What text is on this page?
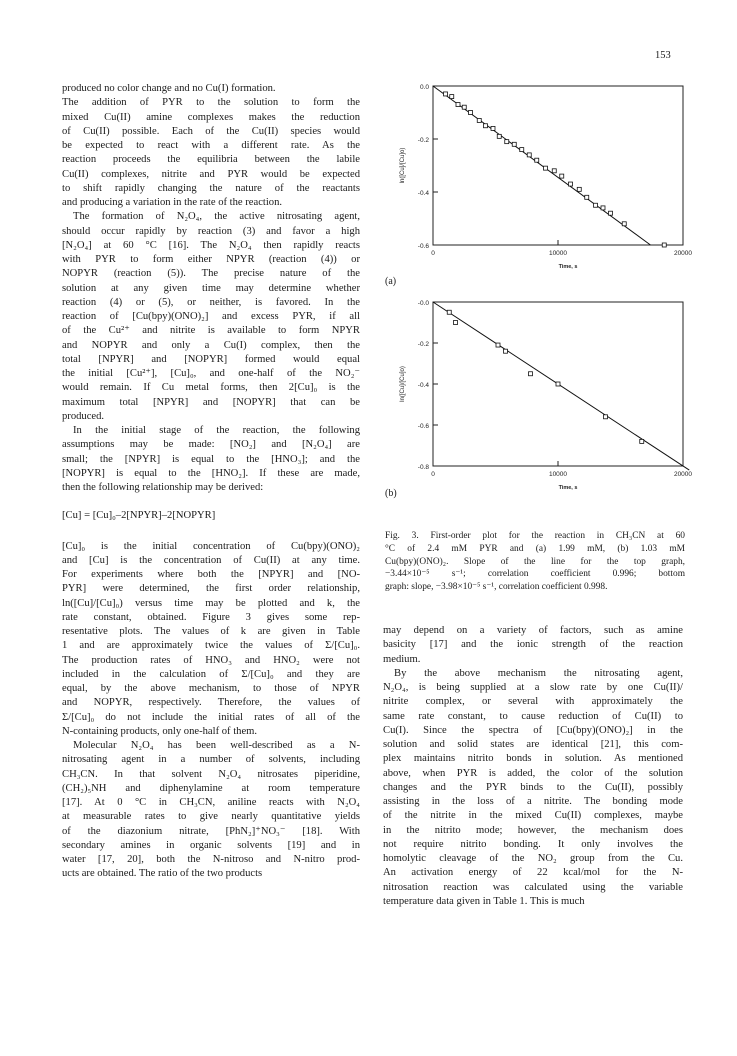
153

produced no color change and no Cu(I) formation.

The addition of PYR to the solution to form the

mixed Cu(II) amine complexes makes the reduction

of Cu(II) possible. Each of the Cu(II) species would

be expected to react with a different rate. As the

reaction proceeds the equilibria between the labile

Cu(II) complexes, nitrite and PYR would be expected

to shift rapidly changing the nature of the reactants

and producing a variation in the rate of the reaction.

The formation of N₂O₄, the active nitrosating agent,

should occur rapidly by reaction (3) and favor a high

[N₂O₄] at 60 °C [16]. The N₂O₄ then rapidly reacts

with PYR to form either NPYR (reaction (4)) or

NOPYR (reaction (5)). The precise nature of the

solution at any given time may determine whether

reaction (4) or (5), or neither, is favored. In the

reaction of [Cu(bpy)(ONO)₂] and excess PYR, if all

of the Cu²⁺ and nitrite is available to form NPYR

and NOPYR and only a Cu(I) complex, then the

total [NPYR] and [NOPYR] formed would equal

the initial [Cu²⁺], [Cu]₀, and one-half of the NO₂⁻

would remain. If Cu metal forms, then 2[Cu]₀ is the

maximum total [NPYR] and [NOPYR] that can be

produced.

In the initial stage of the reaction, the following

assumptions may be made: [NO₂] and [N₂O₄] are

small; the [NPYR] is equal to the [HNO₃]; and the

[NOPYR] is equal to the [HNO₂]. If these are made,

then the following relationship may be derived:

[Cu] = [Cu]₀–2[NPYR]–2[NOPYR]

[Cu]₀ is the initial concentration of Cu(bpy)(ONO)₂

and [Cu] is the concentration of Cu(II) at any time.

For experiments where both the [NPYR] and [NO-

PYR] were determined, the first order relationship,

ln([Cu]/[Cu]₀) versus time may be plotted and k, the

rate constant, obtained. Figure 3 gives some rep-

resentative plots. The values of k are given in Table

1 and are approximately twice the values of Σ/[Cu]₀.

The production rates of HNO₃ and HNO₂ were not

included in the calculation of Σ/[Cu]₀ and they are

equal, by the above mechanism, to those of NPYR

and NOPYR, respectively. Therefore, the values of

Σ/[Cu]₀ do not include the initial rates of all of the

N-containing products, only one-half of them.

Molecular N₂O₄ has been well-described as a N-

nitrosating agent in a number of solvents, including

CH₃CN. In that solvent N₂O₄ nitrosates piperidine,

(CH₂)₅NH and diphenylamine at room temperature

[17]. At 0 °C in CH₃CN, aniline reacts with N₂O₄

at measurable rates to give nearly quantitative yields

of the diazonium nitrate, [PhN₂]⁺NO₃⁻ [18]. With

secondary amines in organic solvents [19] and in

water [17, 20], both the N-nitroso and N-nitro prod-

ucts are obtained. The ratio of the two products

0.0
-0.2
-0.4
-0.6
0	10000	20000
Time, s
ln([Cu]/[Cu]o)
(a)
-0.0
-0.2
-0.4
-0.6
-0.8
0	10000	20000
Time, s
ln([Cu]/[Cu]o)
(b)
Fig. 3. First-order plot for the reaction in CH₃CN at 60
°C of 2.4 mM PYR and (a) 1.99 mM, (b) 1.03 mM
Cu(bpy)(ONO)₂. Slope of the line for the top graph,
−3.44×10⁻⁵ s⁻¹; correlation coefficient 0.996; bottom
graph: slope, −3.98×10⁻⁵ s⁻¹, correlation coefficient 0.998.

may depend on a variety of factors, such as amine

basicity [17] and the ionic strength of the reaction

medium.

By the above mechanism the nitrosating agent,

N₂O₄, is being supplied at a slow rate by one Cu(II)/

nitrite complex, or several with approximately the

same rate constant, to cause reduction of Cu(II) to

Cu(I). Since the spectra of [Cu(bpy)(ONO)₂] in the

solution and solid states are identical [21], this com-

plex maintains nitrito bonds in solution. As mentioned

above, when PYR is added, the color of the solution

changes and the PYR binds to the Cu(II), possibly

assisting in the loss of a nitrite. The bonding mode

of the nitrite in the mixed Cu(II) complexes, maybe

in the nitrito mode; however, the mechanism does

not require nitrito bonding. It only involves the

homolytic cleavage of the NO₂ group from the Cu.

An activation energy of 22 kcal/mol for the N-

nitrosation reaction was calculated using the variable

temperature data given in Table 1. This is much
